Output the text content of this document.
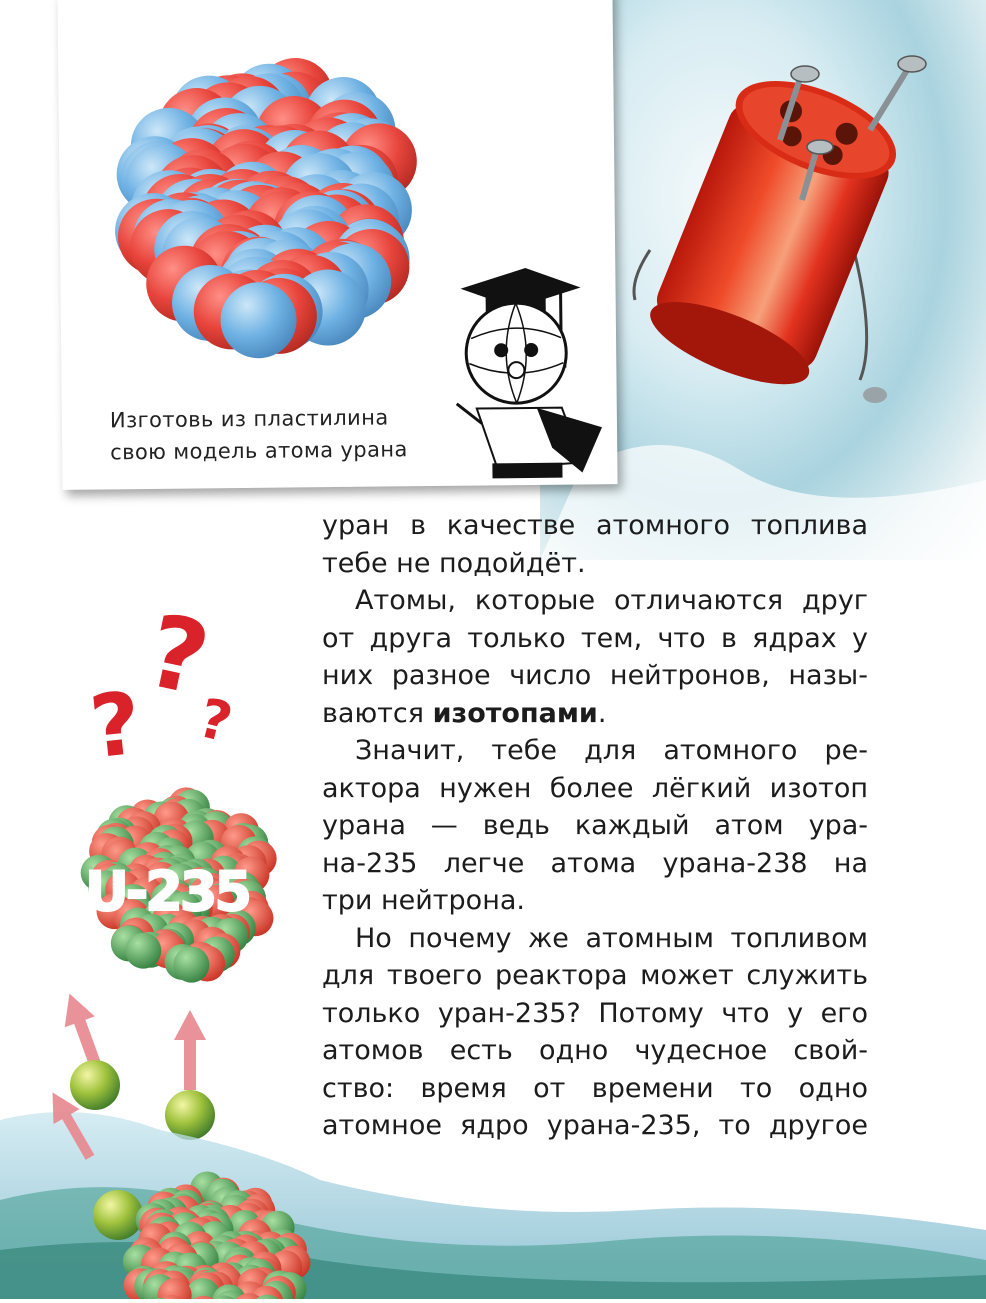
Изготовь из пластилина
свою модель атома урана
?
? ?
U-235
уран в качестве атомного топлива
тебе не подойдёт.
Атомы, которые отличаются друг
от друга только тем, что в ядрах у
них разное число нейтронов, назы-
ваются изотопами.
Значит, тебе для атомного ре-
актора нужен более лёгкий изотоп
урана — ведь каждый атом ура-
на-235 легче атома урана-238 на
три нейтрона.
Но почему же атомным топливом
для твоего реактора может служить
только уран-235? Потому что у его
атомов есть одно чудесное свой-
ство: время от времени то одно
атомное ядро урана-235, то другое
